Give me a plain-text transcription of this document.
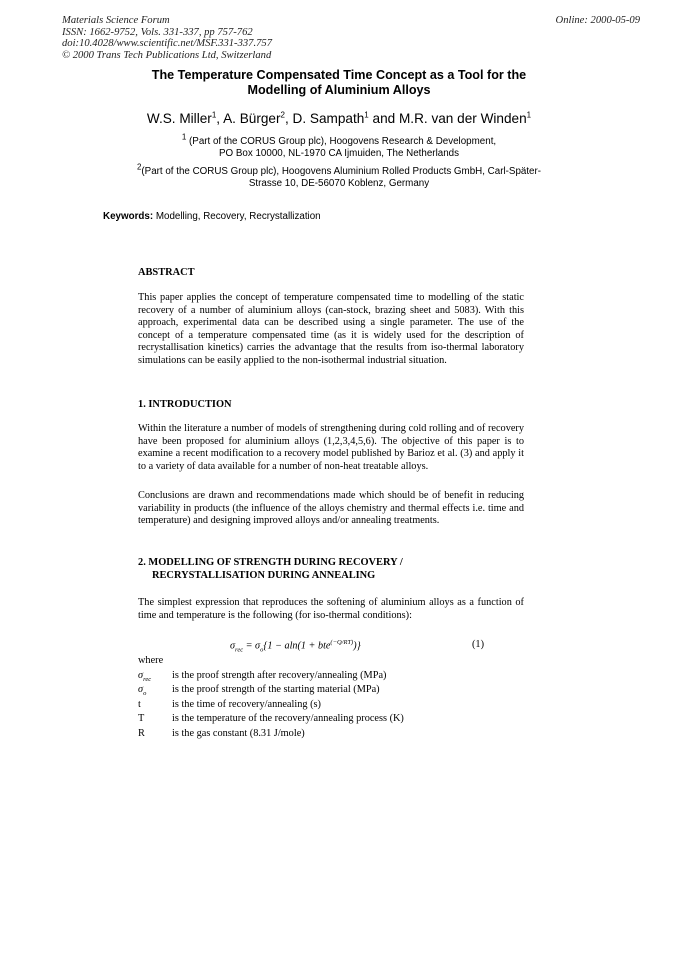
Materials Science Forum
ISSN: 1662-9752, Vols. 331-337, pp 757-762
doi:10.4028/www.scientific.net/MSF.331-337.757
© 2000 Trans Tech Publications Ltd, Switzerland
Online: 2000-05-09
The Temperature Compensated Time Concept as a Tool for the
Modelling of Aluminium Alloys
W.S. Miller$^1$, A. Bürger$^2$, D. Sampath$^1$ and M.R. van der Winden$^1$
$^1$ (Part of the CORUS Group plc), Hoogovens Research & Development,
PO Box 10000, NL-1970 CA Ijmuiden, The Netherlands
$^2$(Part of the CORUS Group plc), Hoogovens Aluminium Rolled Products GmbH, Carl-Später-
Strasse 10, DE-56070 Koblenz, Germany
Keywords: Modelling, Recovery, Recrystallization
ABSTRACT
This paper applies the concept of temperature compensated time to modelling of the static recovery of a number of aluminium alloys (can-stock, brazing sheet and 5083). With this approach, experimental data can be described using a single parameter. The use of the concept of a temperature compensated time (as it is widely used for the description of recrystallisation kinetics) carries the advantage that the results from iso-thermal laboratory simulations can be easily applied to the non-isothermal industrial situation.
1. INTRODUCTION
Within the literature a number of models of strengthening during cold rolling and of recovery have been proposed for aluminium alloys (1,2,3,4,5,6). The objective of this paper is to examine a recent modification to a recovery model published by Barioz et al. (3) and apply it to a variety of data available for a number of non-heat treatable alloys.
Conclusions are drawn and recommendations made which should be of benefit in reducing variability in products (the influence of the alloys chemistry and thermal effects i.e. time and temperature) and designing improved alloys and/or annealing treatments.
2. MODELLING OF STRENGTH DURING RECOVERY /
RECRYSTALLISATION DURING ANNEALING
The simplest expression that reproduces the softening of aluminium alloys as a function of time and temperature is the following (for iso-thermal conditions):
$\sigma_{rec} = \sigma_o\{1 - aln(1 + bte^{(-Q/RT)})\}$	(1)
where
$\sigma_{rec}$ is the proof strength after recovery/annealing (MPa)
$\sigma_o$ is the proof strength of the starting material (MPa)
t	is the time of recovery/annealing (s)
T	is the temperature of the recovery/annealing process (K)
R	is the gas constant (8.31 J/mole)
